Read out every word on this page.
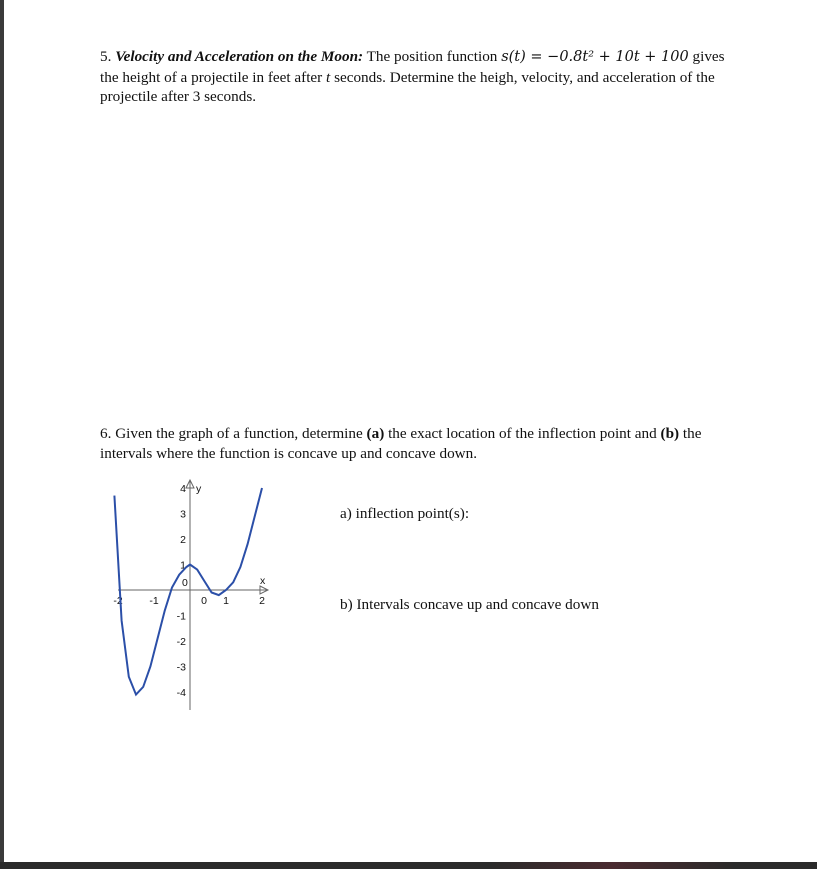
5. Velocity and Acceleration on the Moon: The position function s(t) = −0.8t² + 10t + 100 gives the height of a projectile in feet after t seconds. Determine the heigh, velocity, and acceleration of the projectile after 3 seconds.
6. Given the graph of a function, determine (a) the exact location of the inflection point and (b) the intervals where the function is concave up and concave down.
y
x
-2	-1	0 1	2
4
3
2
1
-1
-2
-3
-4
0
a) inflection point(s):
b) Intervals concave up and concave down
